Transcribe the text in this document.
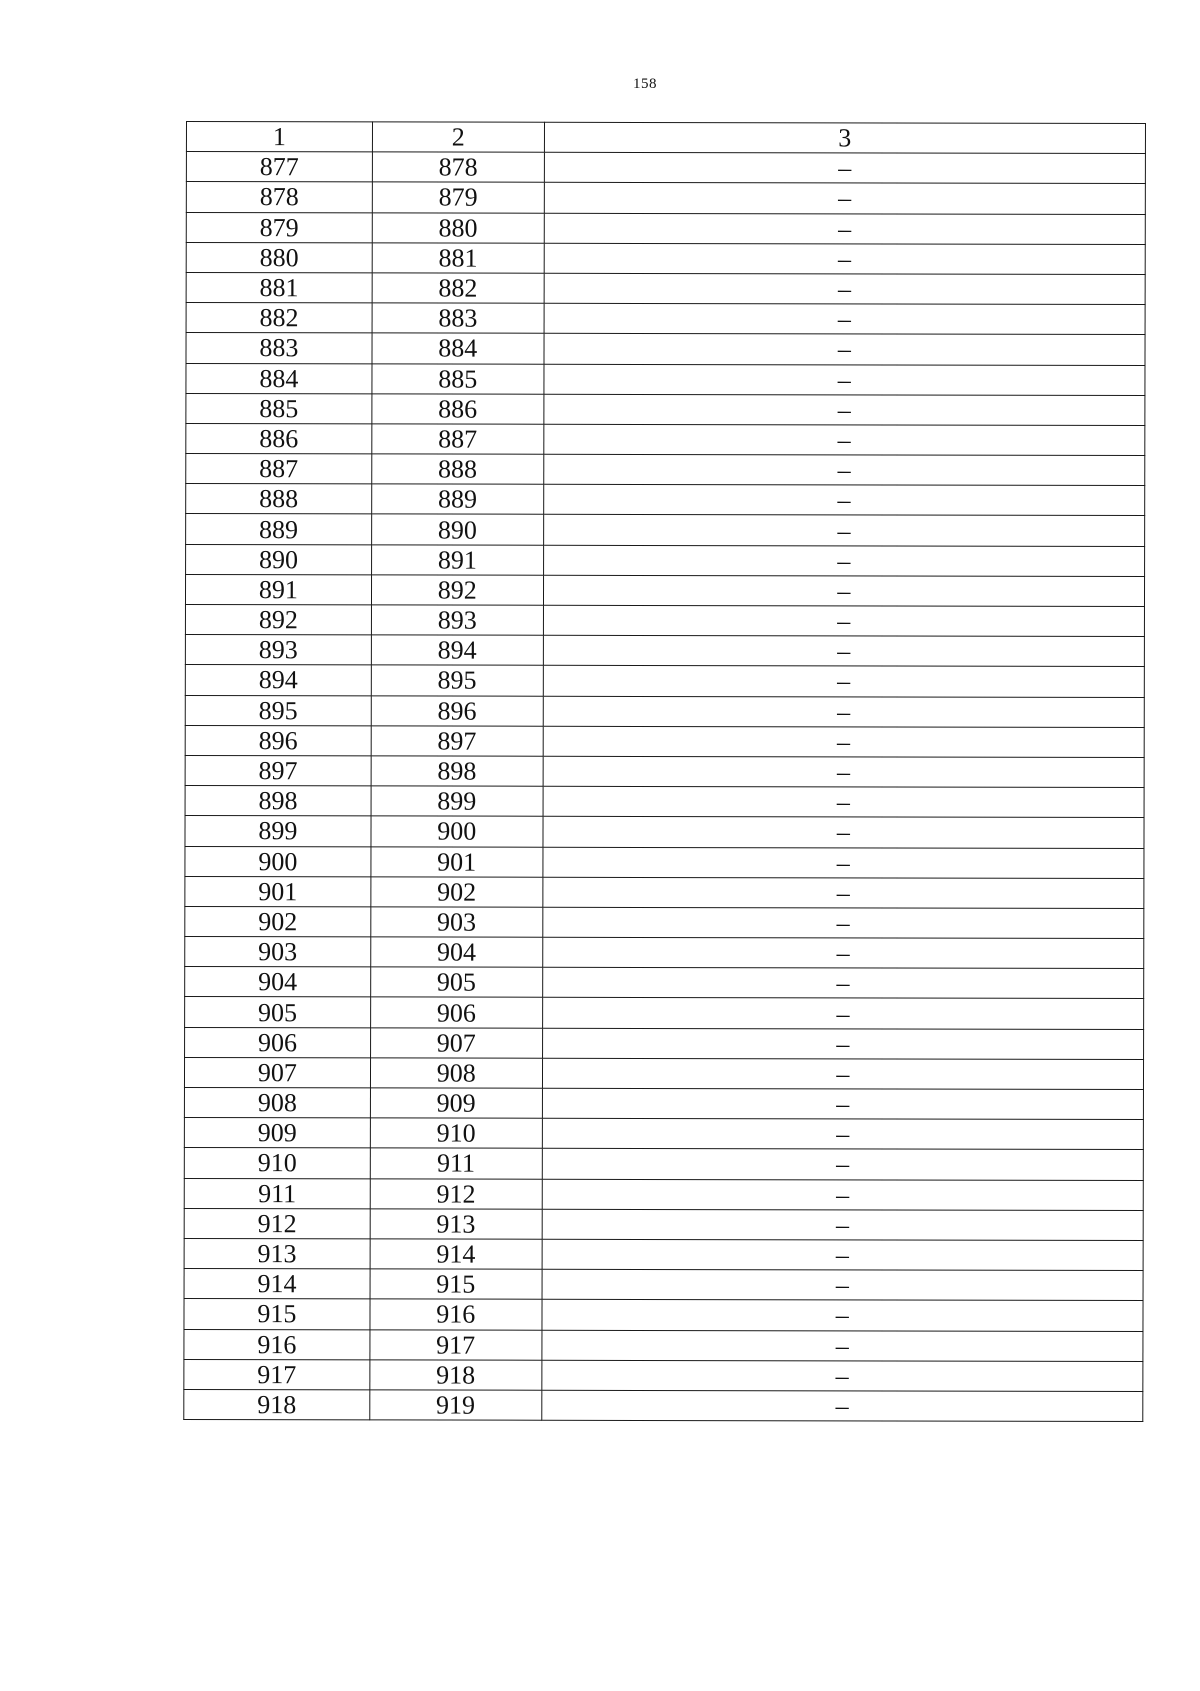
158
1	2	3
877	878	–
878	879	–
879	880	–
880	881	–
881	882	–
882	883	–
883	884	–
884	885	–
885	886	–
886	887	–
887	888	–
888	889	–
889	890	–
890	891	–
891	892	–
892	893	–
893	894	–
894	895	–
895	896	–
896	897	–
897	898	–
898	899	–
899	900	–
900	901	–
901	902	–
902	903	–
903	904	–
904	905	–
905	906	–
906	907	–
907	908	–
908	909	–
909	910	–
910	911	–
911	912	–
912	913	–
913	914	–
914	915	–
915	916	–
916	917	–
917	918	–
918	919	–
